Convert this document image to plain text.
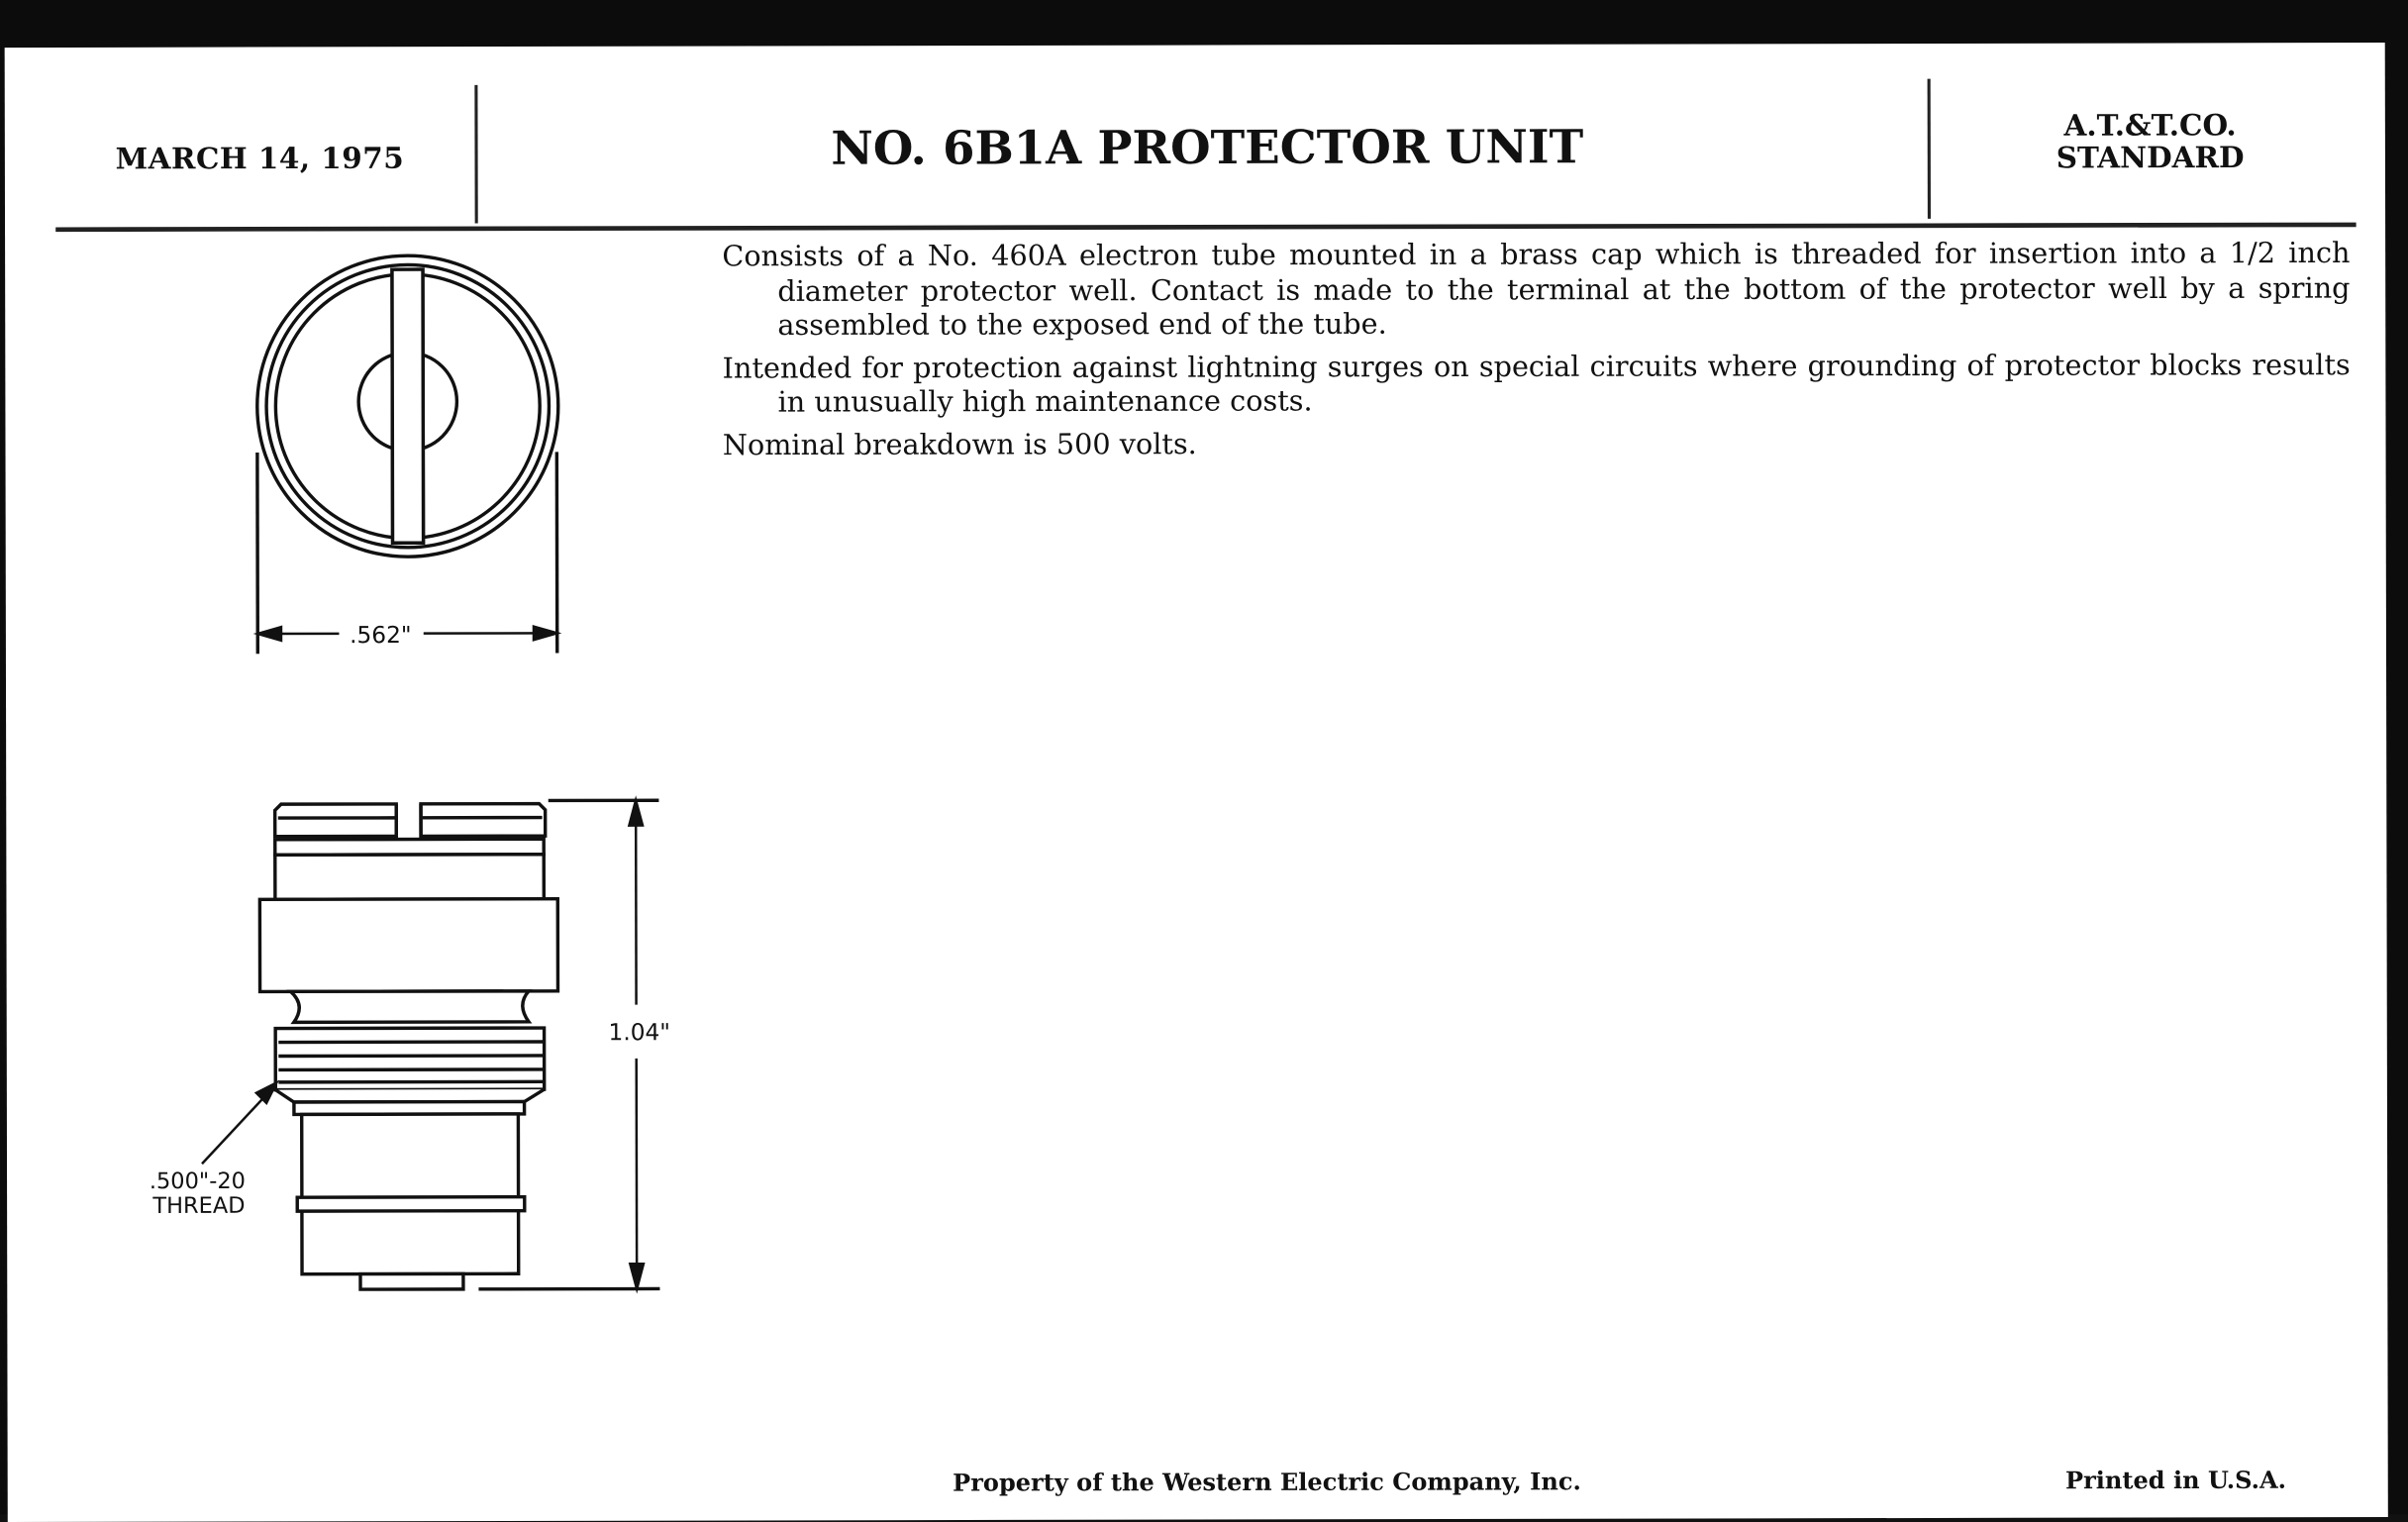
MARCH 14, 1975	NO. 6B1A PROTECTOR UNIT	A.T.&T.CO.
STANDARD

Consists of a No. 460A electron tube mounted in a brass cap which is threaded for insertion into a 1/2 inch diameter protector well. Contact is made to the terminal at the bottom of the protector well by a spring assembled to the exposed end of the tube.

Intended for protection against lightning surges on special circuits where grounding of protector blocks results in unusually high maintenance costs.

Nominal breakdown is 500 volts.

.562"
1.04"
.500"-20
THREAD
Property of the Western Electric Company, Inc.	Printed in U.S.A.
